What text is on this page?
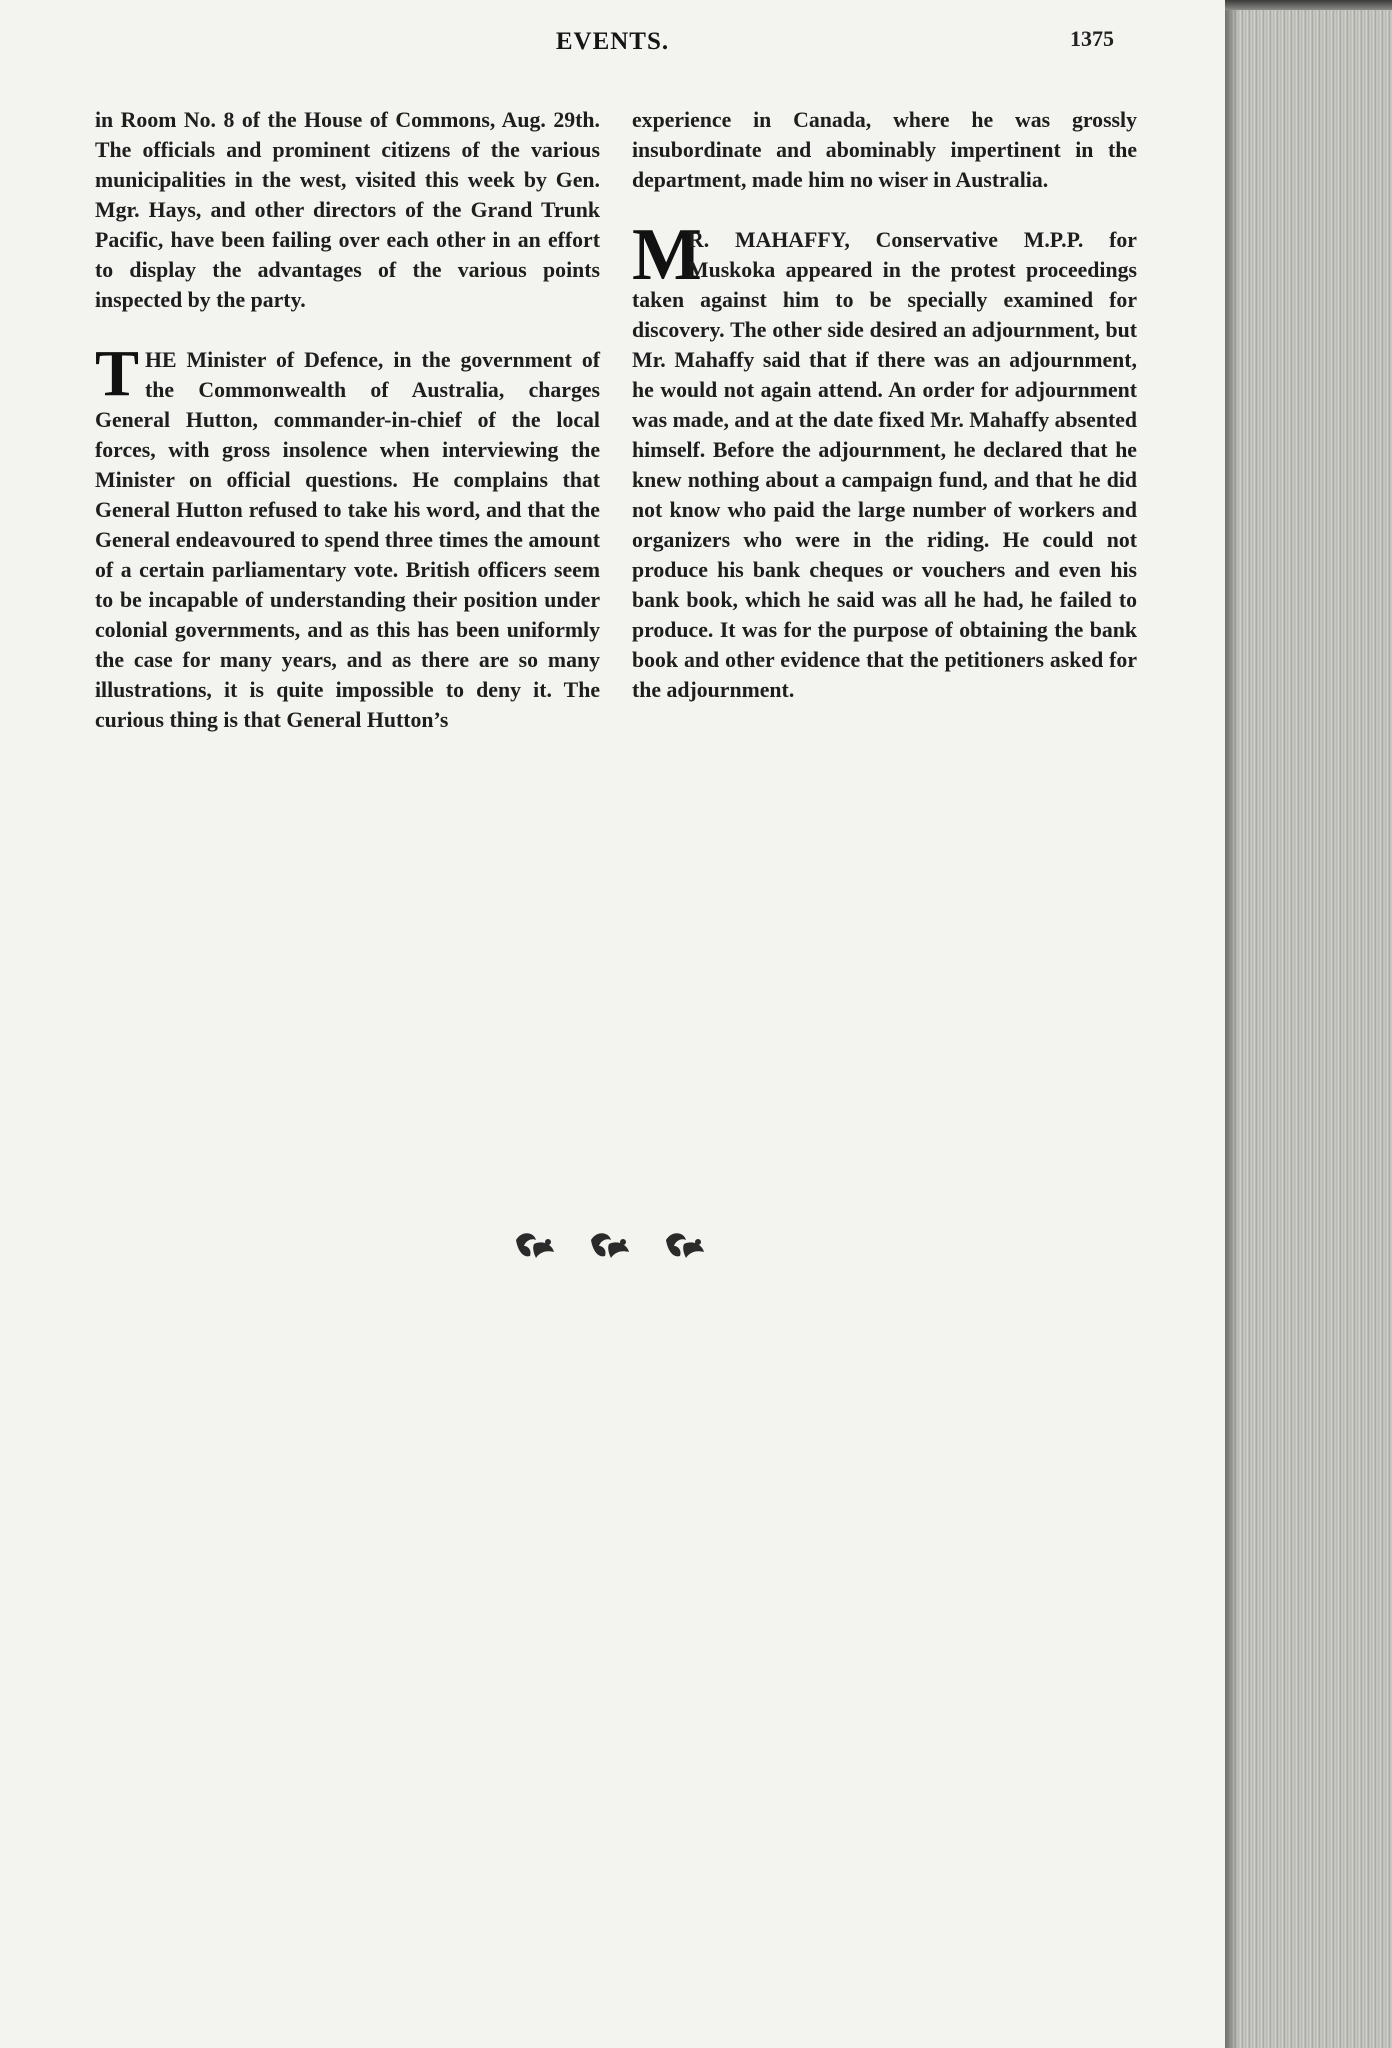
EVENTS.	1375

in Room No. 8 of the House of Commons, Aug. 29th. The officials and prominent citizens of the various municipalities in the west, visited this week by Gen. Mgr. Hays, and other directors of the Grand Trunk Pacific, have been failing over each other in an effort to display the advantages of the various points inspected by the party.

THE Minister of Defence, in the government of the Commonwealth of Australia, charges General Hutton, commander-in-chief of the local forces, with gross insolence when interviewing the Minister on official questions. He complains that General Hutton refused to take his word, and that the General endeavoured to spend three times the amount of a certain parliamentary vote. British officers seem to be incapable of understanding their position under colonial governments, and as this has been uniformly the case for many years, and as there are so many illustrations, it is quite impossible to deny it. The curious thing is that General Hutton’s

experience in Canada, where he was grossly insubordinate and abominably impertinent in the department, made him no wiser in Australia.

M
R. MAHAFFY, Conservative M.P.P. for Muskoka appeared in the protest proceedings taken against him to be specially examined for discovery. The other side desired an adjournment, but Mr. Mahaffy said that if there was an adjournment, he would not again attend. An order for adjournment was made, and at the date fixed Mr. Mahaffy absented himself. Before the adjournment, he declared that he knew nothing about a campaign fund, and that he did not know who paid the large number of workers and organizers who were in the riding. He could not produce his bank cheques or vouchers and even his bank book, which he said was all he had, he failed to produce. It was for the purpose of obtaining the bank book and other evidence that the petitioners asked for the adjournment.
